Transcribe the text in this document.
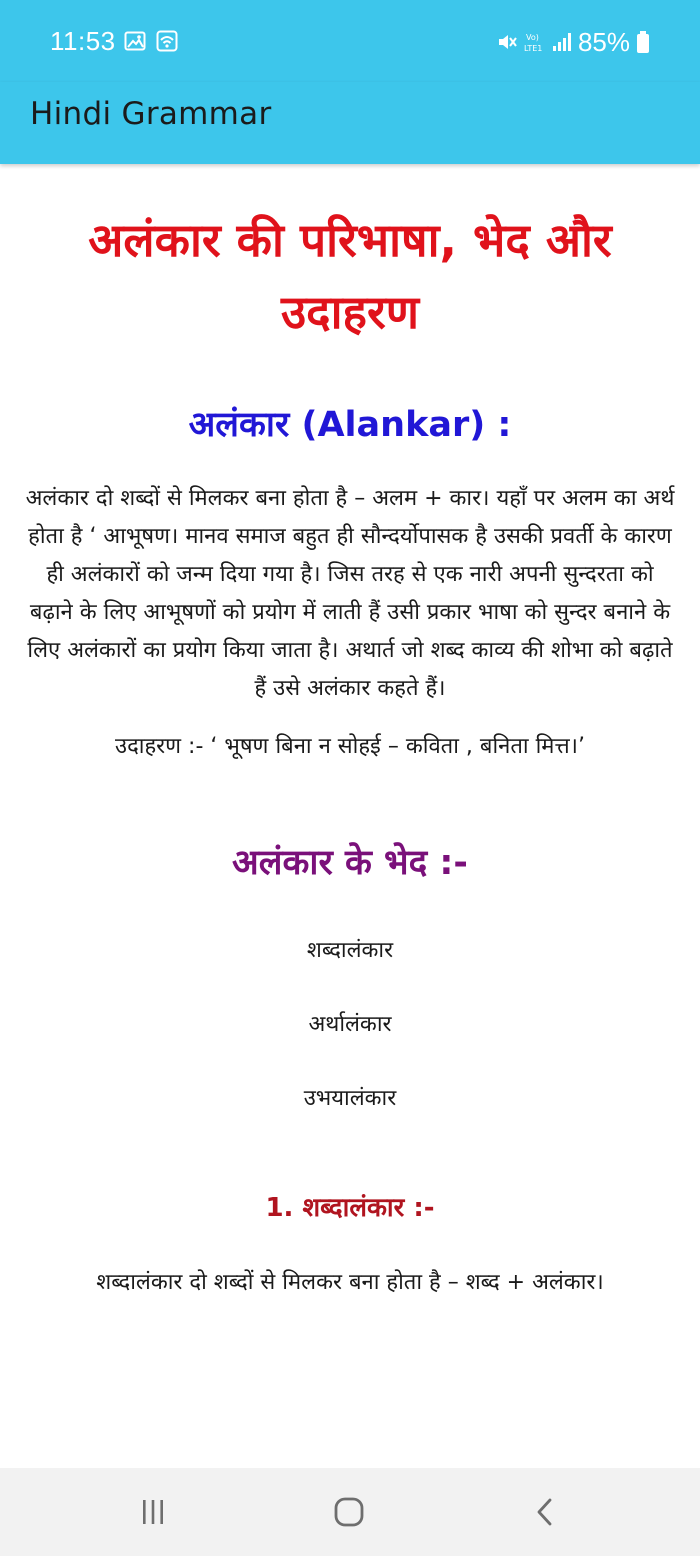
11:53	Vo)
LTE1 85%
Hindi Grammar
अलंकार की परिभाषा, भेद और उदाहरण
अलंकार (Alankar) :

अलंकार दो शब्दों से मिलकर बना होता है – अलम + कार। यहाँ पर अलम का अर्थ होता है ‘ आभूषण। मानव समाज बहुत ही सौन्दर्योपासक है उसकी प्रवर्ती के कारण ही अलंकारों को जन्म दिया गया है। जिस तरह से एक नारी अपनी सुन्दरता को बढ़ाने के लिए आभूषणों को प्रयोग में लाती हैं उसी प्रकार भाषा को सुन्दर बनाने के लिए अलंकारों का प्रयोग किया जाता है। अथार्त जो शब्द काव्य की शोभा को बढ़ाते हैं उसे अलंकार कहते हैं।

उदाहरण :- ‘ भूषण बिना न सोहई – कविता , बनिता मित्त।’

अलंकार के भेद :-

शब्दालंकार

अर्थालंकार

उभयालंकार

1. शब्दालंकार :-

शब्दालंकार दो शब्दों से मिलकर बना होता है – शब्द + अलंकार।
